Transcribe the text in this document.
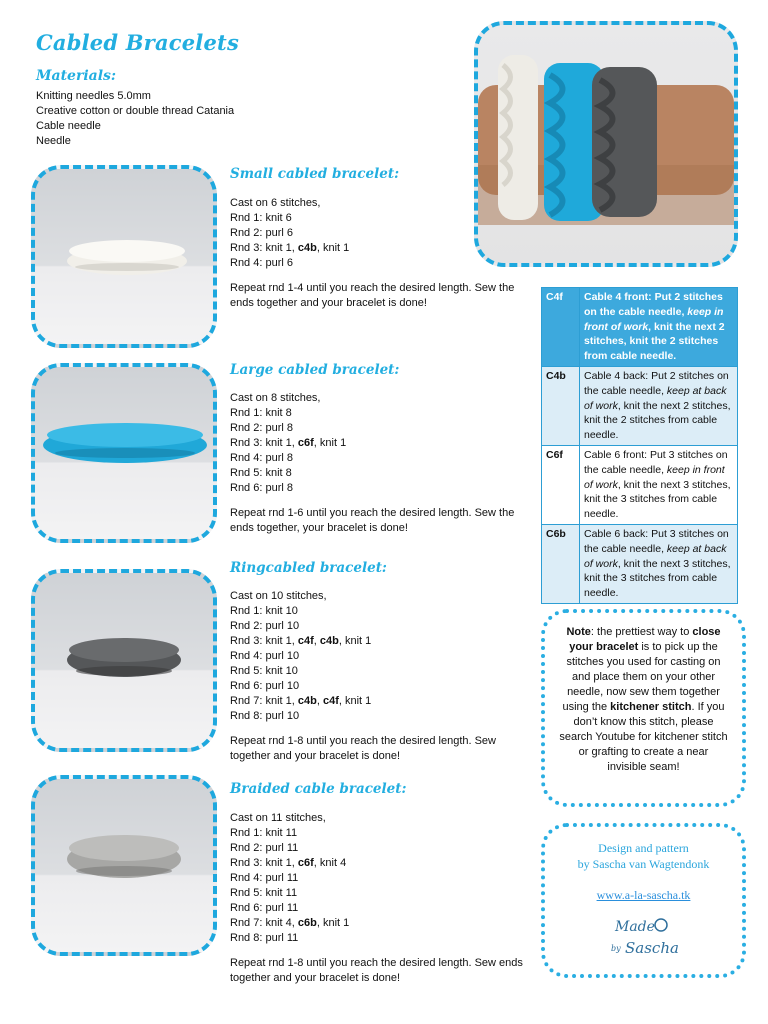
Cabled Bracelets
Materials:
Knitting needles 5.0mm
Creative cotton or double thread Catania
Cable needle
Needle
Small cabled bracelet:
Cast on 6 stitches,
Rnd 1: knit 6
Rnd 2: purl 6
Rnd 3: knit 1, c4b, knit 1
Rnd 4: purl 6
Repeat rnd 1-4 until you reach the desired length. Sew the ends together and your bracelet is done!
Large cabled bracelet:
Cast on 8 stitches,
Rnd 1: knit 8
Rnd 2: purl 8
Rnd 3: knit 1, c6f, knit 1
Rnd 4: purl 8
Rnd 5: knit 8
Rnd 6: purl 8
Repeat rnd 1-6 until you reach the desired length. Sew the ends together, your bracelet is done!
Ringcabled bracelet:
Cast on 10 stitches,
Rnd 1: knit 10
Rnd 2: purl 10
Rnd 3: knit 1, c4f, c4b, knit 1
Rnd 4: purl 10
Rnd 5: knit 10
Rnd 6: purl 10
Rnd 7: knit 1, c4b, c4f, knit 1
Rnd 8: purl 10
Repeat rnd 1-8 until you reach the desired length. Sew together and your bracelet is done!
Braided cable bracelet:
Cast on 11 stitches,
Rnd 1: knit 11
Rnd 2: purl 11
Rnd 3: knit 1, c6f, knit 4
Rnd 4: purl 11
Rnd 5: knit 11
Rnd 6: purl 11
Rnd 7: knit 4, c6b, knit 1
Rnd 8: purl 11
Repeat rnd 1-8 until you reach the desired length. Sew ends together and your bracelet is done!
C4f	Cable 4 front: Put 2 stitches on the cable needle, keep in front of work, knit the next 2 stitches, knit the 2 stitches from cable needle.
C4b	Cable 4 back: Put 2 stitches on the cable needle, keep at back of work, knit the next 2 stitches, knit the 2 stitches from cable needle.
C6f	Cable 6 front: Put 3 stitches on the cable needle, keep in front of work, knit the next 3 stitches, knit the 3 stitches from cable needle.
C6b	Cable 6 back: Put 3 stitches on the cable needle, keep at back of work, knit the next 3 stitches, knit the 3 stitches from cable needle.
Note: the prettiest way to close your bracelet is to pick up the stitches you used for casting on and place them on your other needle, now sew them together using the kitchener stitch. If you don’t know this stitch, please search Youtube for kitchener stitch or grafting to create a near invisible seam!
Design and pattern
by Sascha van Wagtendonk
www.a-la-sascha.tk
Made
by Sascha
